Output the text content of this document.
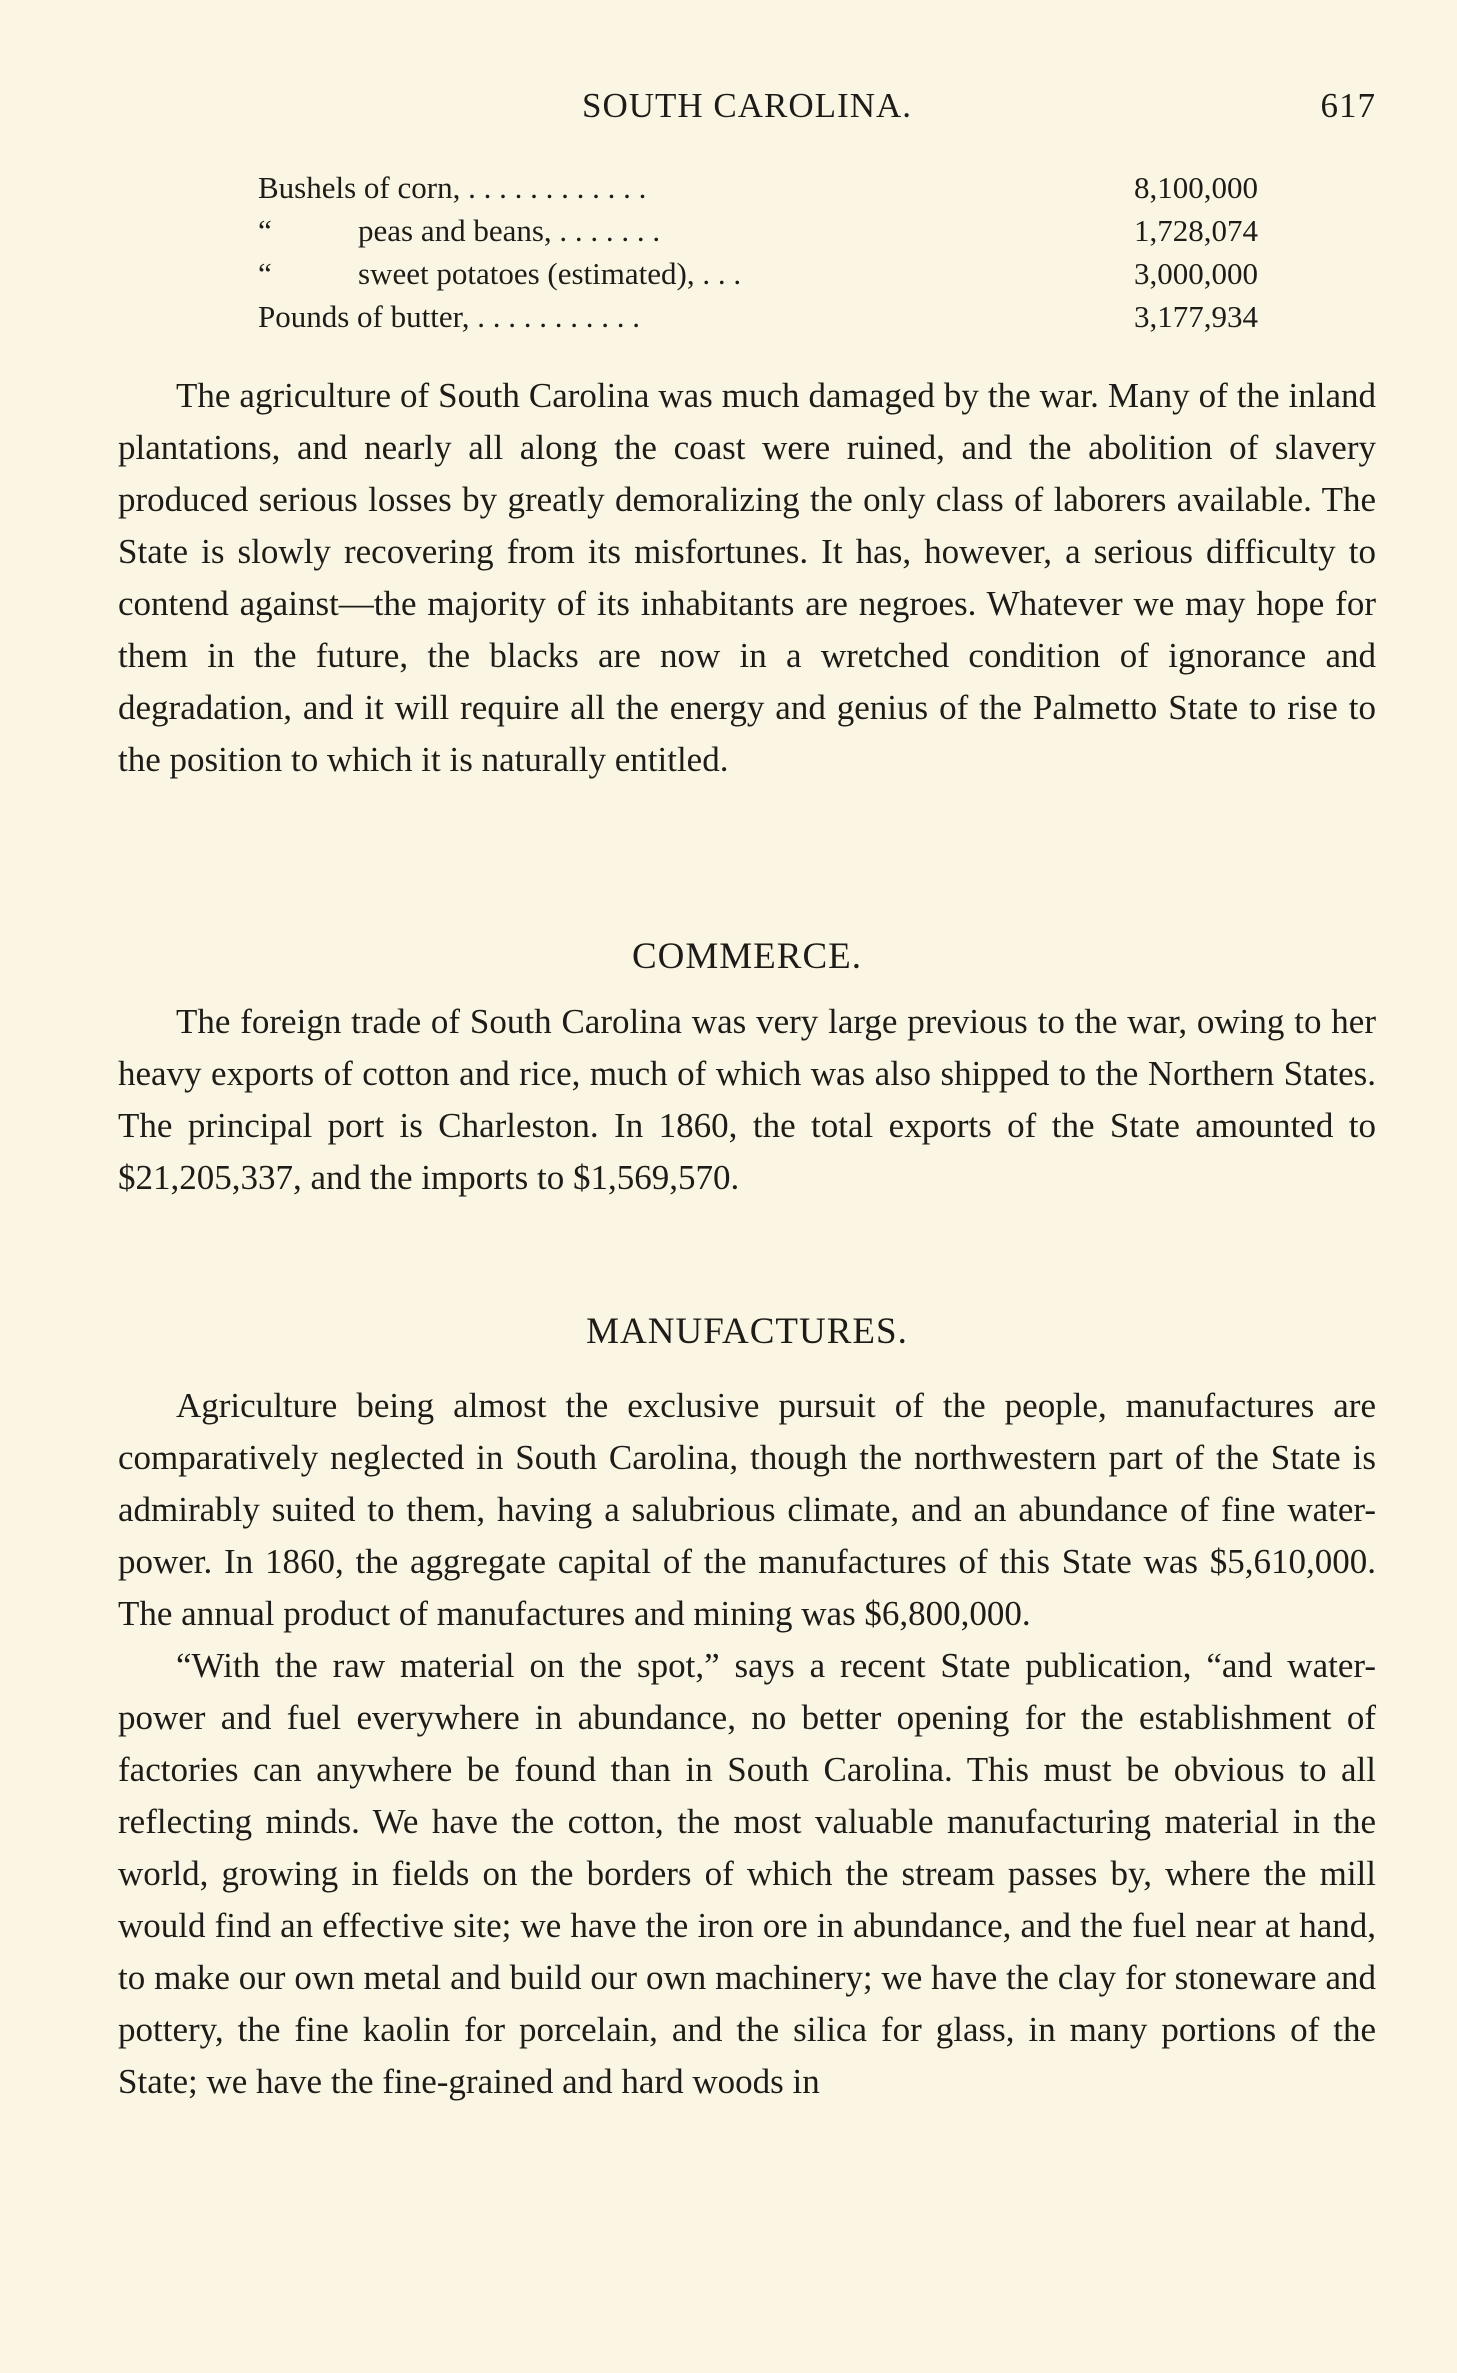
SOUTH CAROLINA.	617
Bushels of corn, . . . . . . . . . . . .	8,100,000
“	peas and beans, . . . . . . .	1,728,074
“	sweet potatoes (estimated), . . .	3,000,000
Pounds of butter, . . . . . . . . . . .	3,177,934

The agriculture of South Carolina was much damaged by the war. Many of the inland plantations, and nearly all along the coast were ruined, and the abolition of slavery produced serious losses by greatly demoralizing the only class of laborers available. The State is slowly recovering from its misfortunes. It has, however, a serious difficulty to contend against—the majority of its inhabitants are negroes. Whatever we may hope for them in the future, the blacks are now in a wretched condition of ignorance and degradation, and it will require all the energy and genius of the Palmetto State to rise to the position to which it is naturally entitled.

COMMERCE.

The foreign trade of South Carolina was very large previous to the war, owing to her heavy exports of cotton and rice, much of which was also shipped to the Northern States. The principal port is Charleston. In 1860, the total exports of the State amounted to $21,205,337, and the imports to $1,569,570.

MANUFACTURES.

Agriculture being almost the exclusive pursuit of the people, manufactures are comparatively neglected in South Carolina, though the northwestern part of the State is admirably suited to them, having a salubrious climate, and an abundance of fine water-power. In 1860, the aggregate capital of the manufactures of this State was $5,610,000. The annual product of manufactures and mining was $6,800,000.

“With the raw material on the spot,” says a recent State publication, “and water-power and fuel everywhere in abundance, no better opening for the establishment of factories can anywhere be found than in South Carolina. This must be obvious to all reflecting minds. We have the cotton, the most valuable manufacturing material in the world, growing in fields on the borders of which the stream passes by, where the mill would find an effective site; we have the iron ore in abundance, and the fuel near at hand, to make our own metal and build our own machinery; we have the clay for stoneware and pottery, the fine kaolin for porcelain, and the silica for glass, in many portions of the State; we have the fine-grained and hard woods in
